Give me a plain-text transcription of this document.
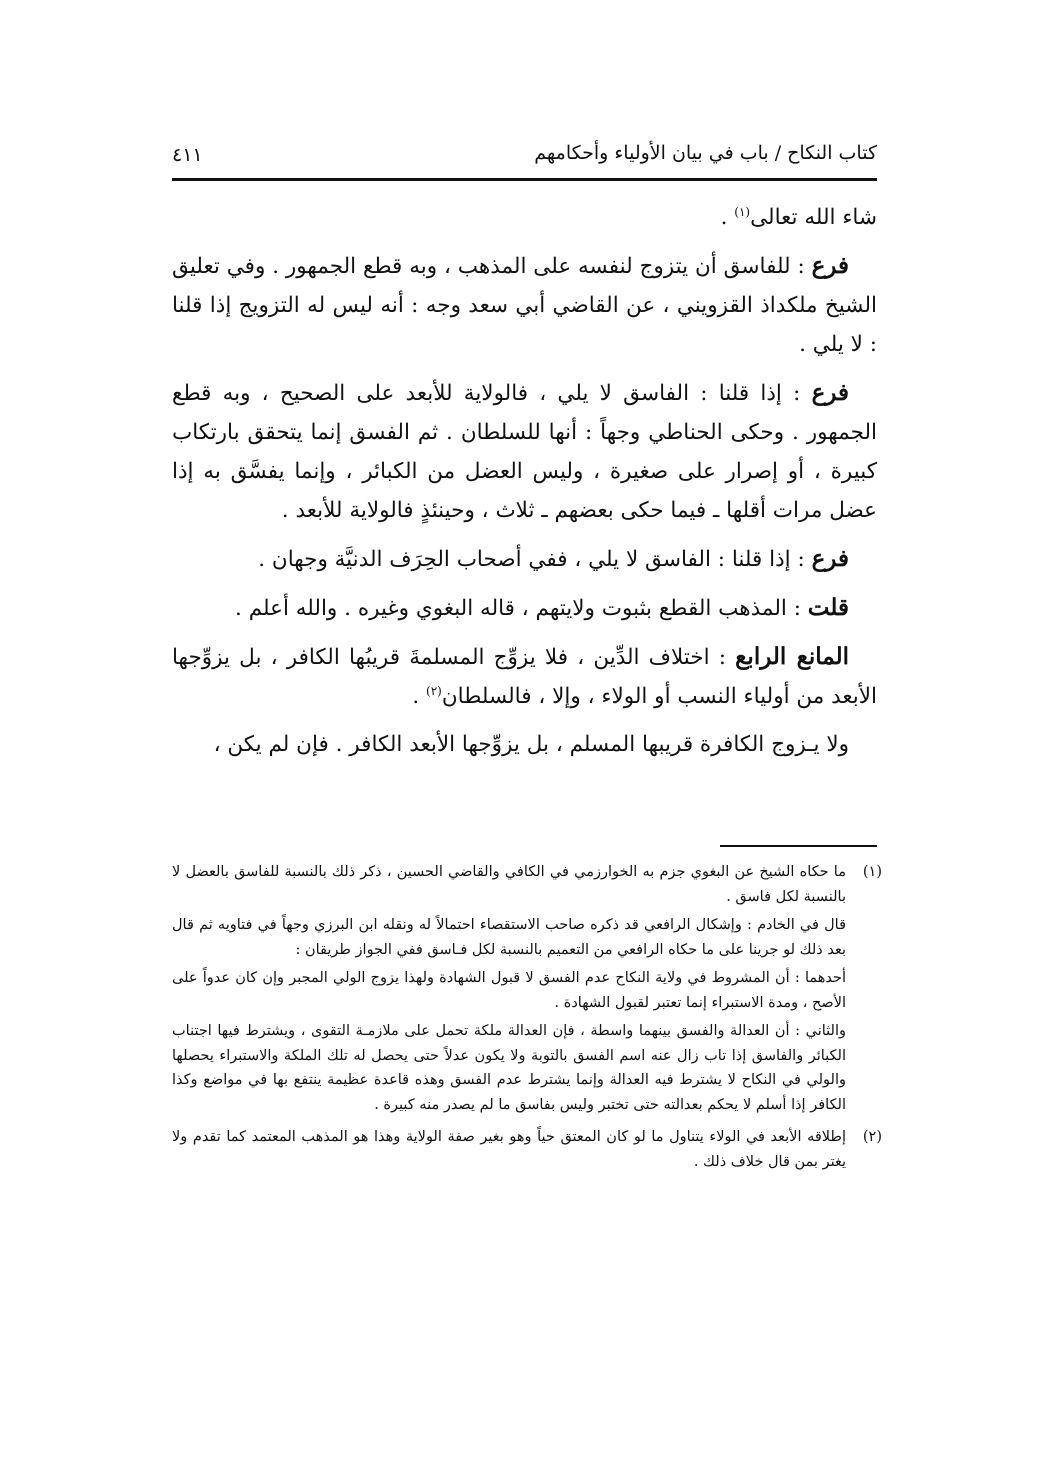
كتاب النكاح / باب في بيان الأولياء وأحكامهم
٤١١

شاء الله تعالى$^{(١)}$ .

فرع : للفاسق أن يتزوج لنفسه على المذهب ، وبه قطع الجمهور . وفي تعليق الشيخ ملكداذ القزويني ، عن القاضي أبي سعد وجه : أنه ليس له التزويج إذا قلنا : لا يلي .

فرع : إذا قلنا : الفاسق لا يلي ، فالولاية للأبعد على الصحيح ، وبه قطع الجمهور . وحكى الحناطي وجهاً : أنها للسلطان . ثم الفسق إنما يتحقق بارتكاب كبيرة ، أو إصرار على صغيرة ، وليس العضل من الكبائر ، وإنما يفسَّق به إذا عضل مرات أقلها ـ فيما حكى بعضهم ـ ثلاث ، وحينئذٍ فالولاية للأبعد .

فرع : إذا قلنا : الفاسق لا يلي ، ففي أصحاب الحِرَف الدنيَّة وجهان .

قلت : المذهب القطع بثبوت ولايتهم ، قاله البغوي وغيره . والله أعلم .

المانع الرابع : اختلاف الدِّين ، فلا يزوِّج المسلمةَ قريبُها الكافر ، بل يزوِّجها الأبعد من أولياء النسب أو الولاء ، وإلا ، فالسلطان$^{(٢)}$ .

ولا يـزوج الكافرة قريبها المسلم ، بل يزوِّجها الأبعد الكافر . فإن لم يكن ،

(١)

ما حكاه الشيخ عن البغوي جزم به الخوارزمي في الكافي والقاضي الحسين ، ذكر ذلك بالنسبة للفاسق بالعضل لا بالنسبة لكل فاسق .

قال في الخادم : وإشكال الرافعي قد ذكره صاحب الاستقصاء احتمالاً له ونقله ابن البرزي وجهاً في فتاويه ثم قال بعد ذلك لو جرينا على ما حكاه الرافعي من التعميم بالنسبة لكل فـاسق ففي الجواز طريقان :

أحدهما : أن المشروط في ولاية النكاح عدم الفسق لا قبول الشهادة ولهذا يزوج الولي المجبر وإن كان عدواً على الأصح ، ومدة الاستبراء إنما تعتبر لقبول الشهادة .

والثاني : أن العدالة والفسق بينهما واسطة ، فإن العدالة ملكة تحمل على ملازمـة التقوى ، ويشترط فيها اجتناب الكبائر والفاسق إذا تاب زال عنه اسم الفسق بالتوبة ولا يكون عدلاً حتى يحصل له تلك الملكة والاستبراء يحصلها والولي في النكاح لا يشترط فيه العدالة وإنما يشترط عدم الفسق وهذه قاعدة عظيمة ينتفع بها في مواضع وكذا الكافر إذا أسلم لا يحكم بعدالته حتى تختبر وليس بفاسق ما لم يصدر منه كبيرة .

(٢)

إطلاقه الأبعد في الولاء يتناول ما لو كان المعتق حياً وهو بغير صفة الولاية وهذا هو المذهب المعتمد كما تقدم ولا يغتر بمن قال خلاف ذلك .
